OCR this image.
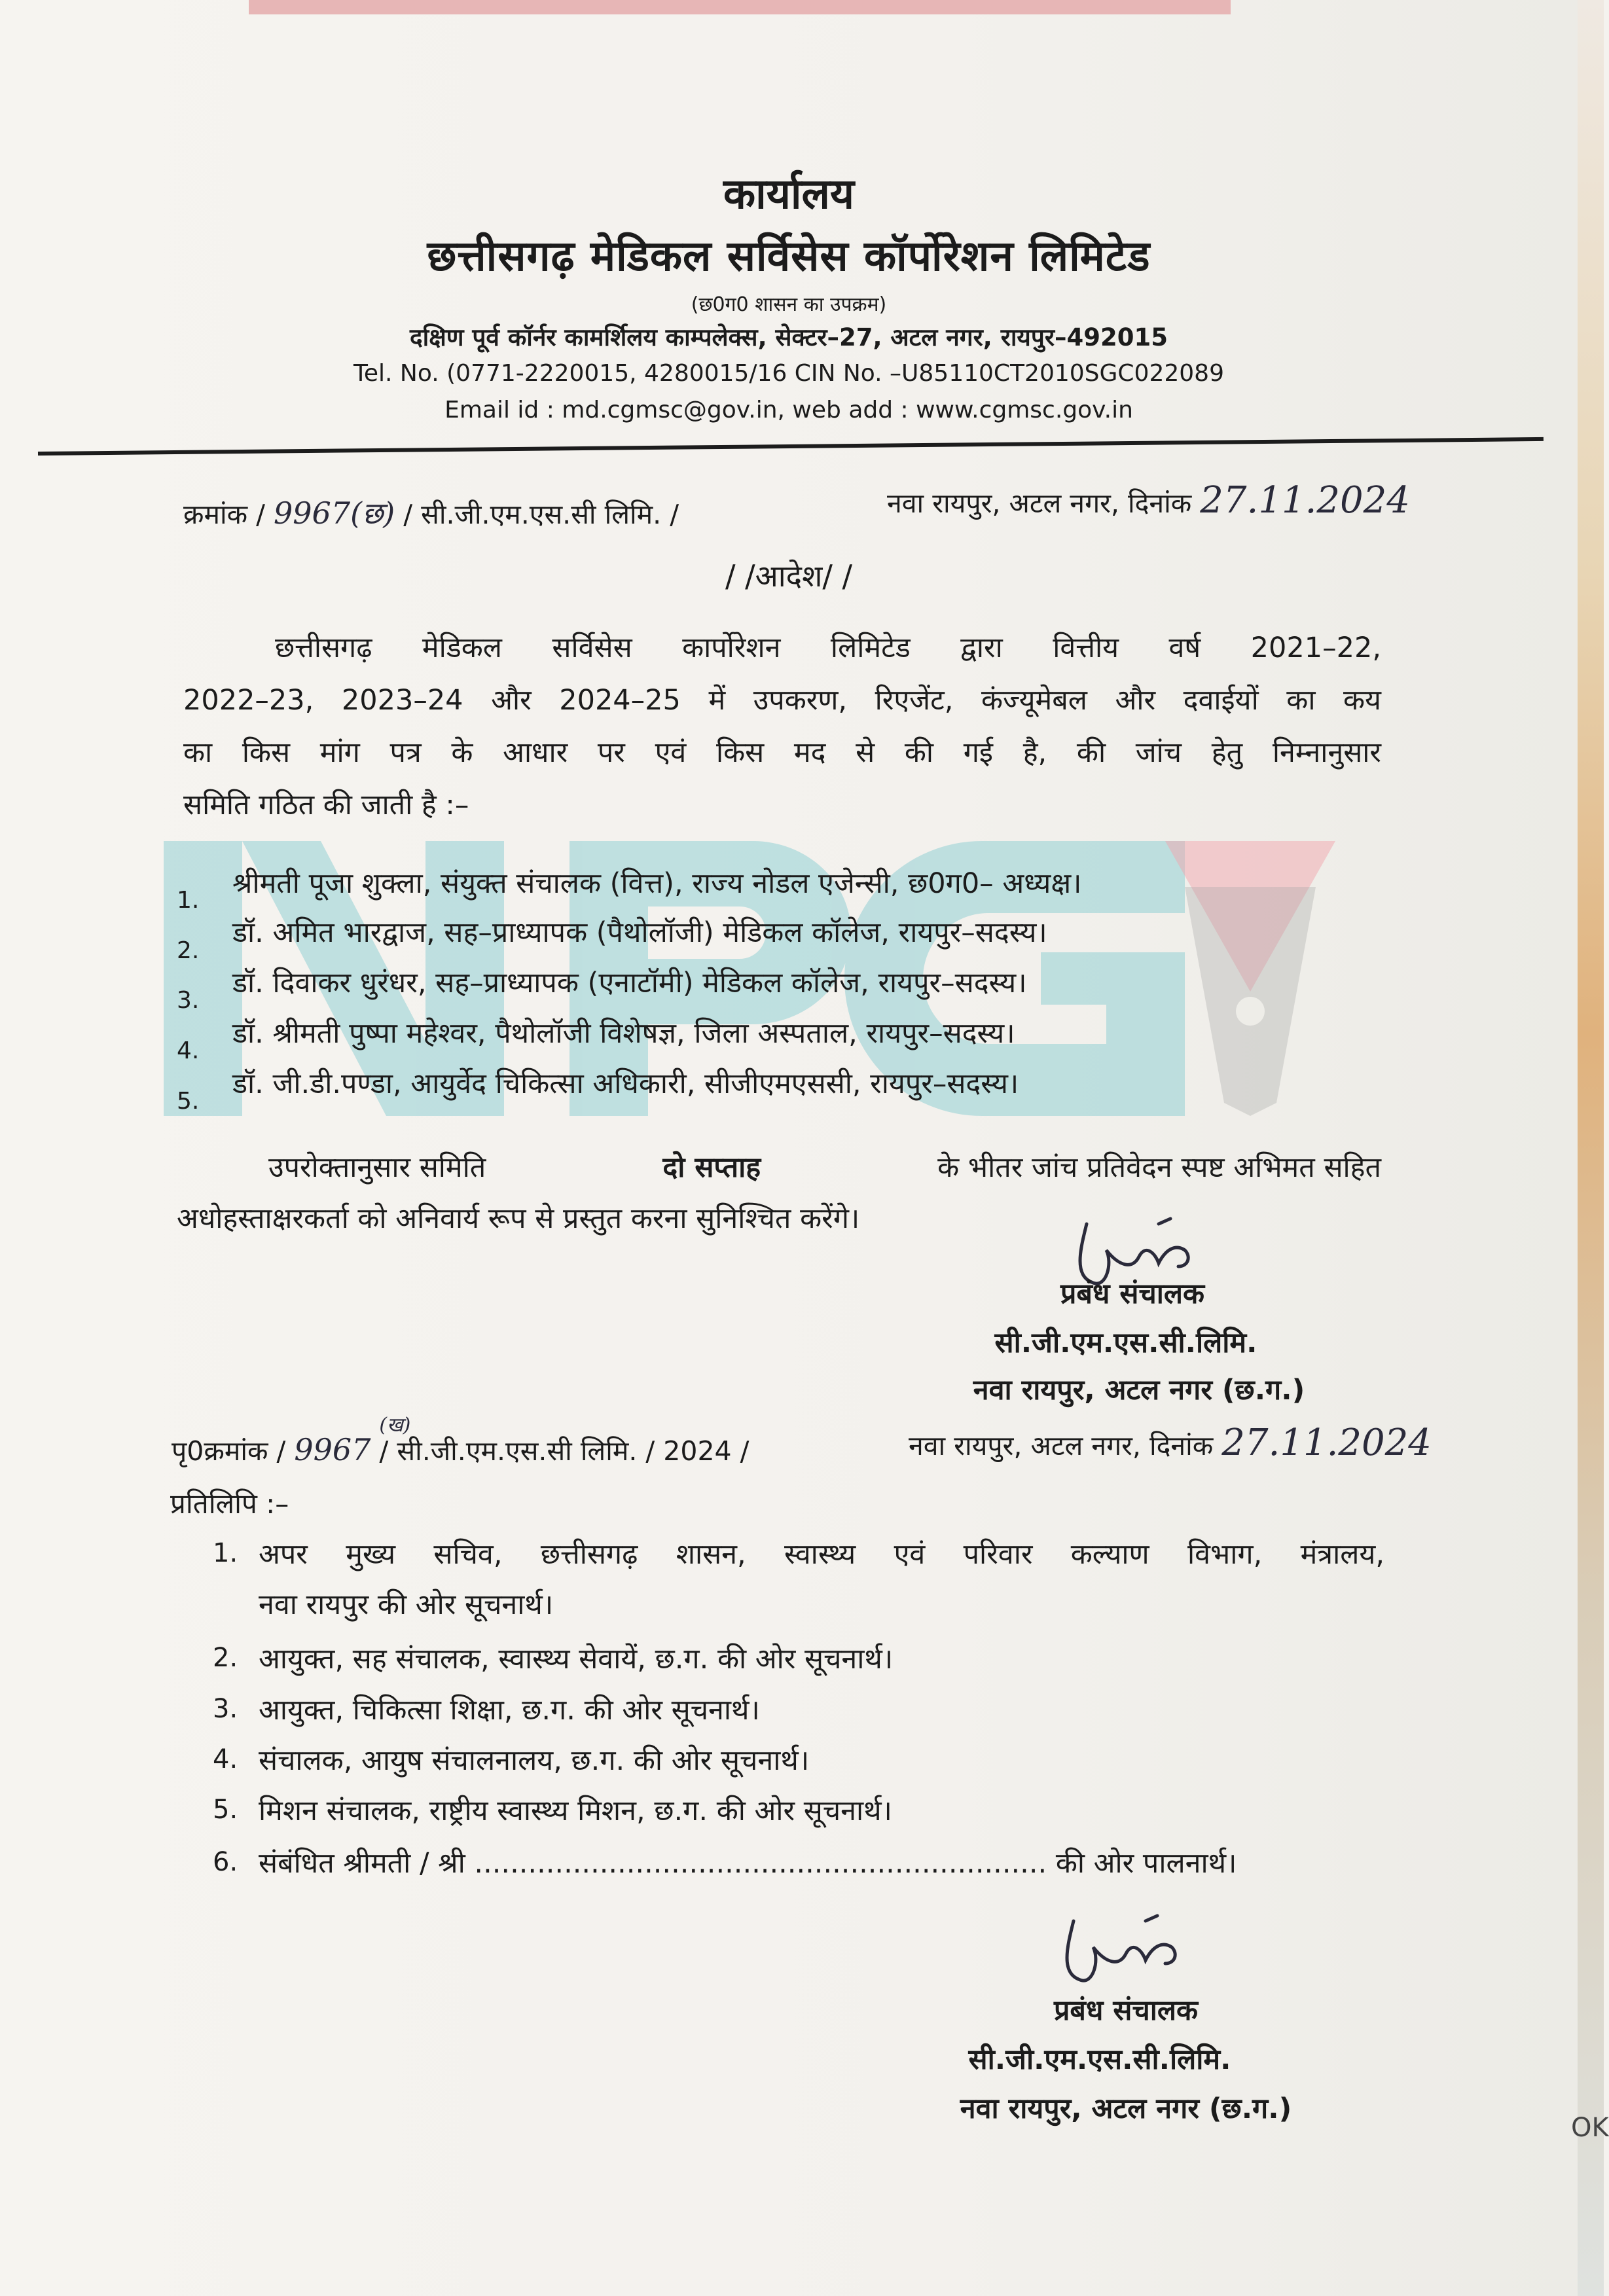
कार्यालय
छत्तीसगढ़ मेडिकल सर्विसेस कॉर्पोरेशन लिमिटेड
(छ0ग0 शासन का उपक्रम)
दक्षिण पूर्व कॉर्नर कामर्शिलय काम्पलेक्स, सेक्टर–27, अटल नगर, रायपुर–492015
Tel. No. (0771-2220015, 4280015/16 CIN No. –U85110CT2010SGC022089
Email id : md.cgmsc@gov.in, web add : www.cgmsc.gov.in
क्रमांक / 9967(छ) / सी.जी.एम.एस.सी लिमि. /	नवा रायपुर, अटल नगर, दिनांक 27.11.2024
/ /आदेश/ /
छत्तीसगढ़ मेडिकल सर्विसेस कार्पोरेशन लिमिटेड द्वारा वित्तीय वर्ष 2021–22,
2022–23, 2023–24 और 2024–25 में उपकरण, रिएजेंट, कंज्यूमेबल और दवाईयों का कय
का किस मांग पत्र के आधार पर एवं किस मद से की गई है, की जांच हेतु निम्नानुसार
समिति गठित की जाती है :–
1.
श्रीमती पूजा शुक्ला, संयुक्त संचालक (वित्त), राज्य नोडल एजेन्सी, छ0ग0– अध्यक्ष।
2.
डॉ. अमित भारद्वाज, सह–प्राध्यापक (पैथोलॉजी) मेडिकल कॉलेज, रायपुर–सदस्य।
3.
डॉ. दिवाकर धुरंधर, सह–प्राध्यापक (एनाटॉमी) मेडिकल कॉलेज, रायपुर–सदस्य।
4.
डॉ. श्रीमती पुष्पा महेश्वर, पैथोलॉजी विशेषज्ञ, जिला अस्पताल, रायपुर–सदस्य।
5.
डॉ. जी.डी.पण्डा, आयुर्वेद चिकित्सा अधिकारी, सीजीएमएससी, रायपुर–सदस्य।
उपरोक्तानुसार समिति	दो सप्ताह	के भीतर जांच प्रतिवेदन स्पष्ट अभिमत सहित
अधोहस्ताक्षरकर्ता को अनिवार्य रूप से प्रस्तुत करना सुनिश्चित करेंगे।
प्रबंध संचालक
सी.जी.एम.एस.सी.लिमि.
नवा रायपुर, अटल नगर (छ.ग.)
पृ0क्रमांक / 9967
(ख)
/ सी.जी.एम.एस.सी लिमि. / 2024 /	नवा रायपुर, अटल नगर, दिनांक 27.11.2024
प्रतिलिपि :–
1. अपर मुख्य सचिव, छत्तीसगढ़ शासन, स्वास्थ्य एवं परिवार कल्याण विभाग, मंत्रालय,
नवा रायपुर की ओर सूचनार्थ।
2. आयुक्त, सह संचालक, स्वास्थ्य सेवायें, छ.ग. की ओर सूचनार्थ।
3. आयुक्त, चिकित्सा शिक्षा, छ.ग. की ओर सूचनार्थ।
4. संचालक, आयुष संचालनालय, छ.ग. की ओर सूचनार्थ।
5. मिशन संचालक, राष्ट्रीय स्वास्थ्य मिशन, छ.ग. की ओर सूचनार्थ।
6. संबंधित श्रीमती / श्री ................................................................ की ओर पालनार्थ।
प्रबंध संचालक
सी.जी.एम.एस.सी.लिमि.
नवा रायपुर, अटल नगर (छ.ग.)
OK
